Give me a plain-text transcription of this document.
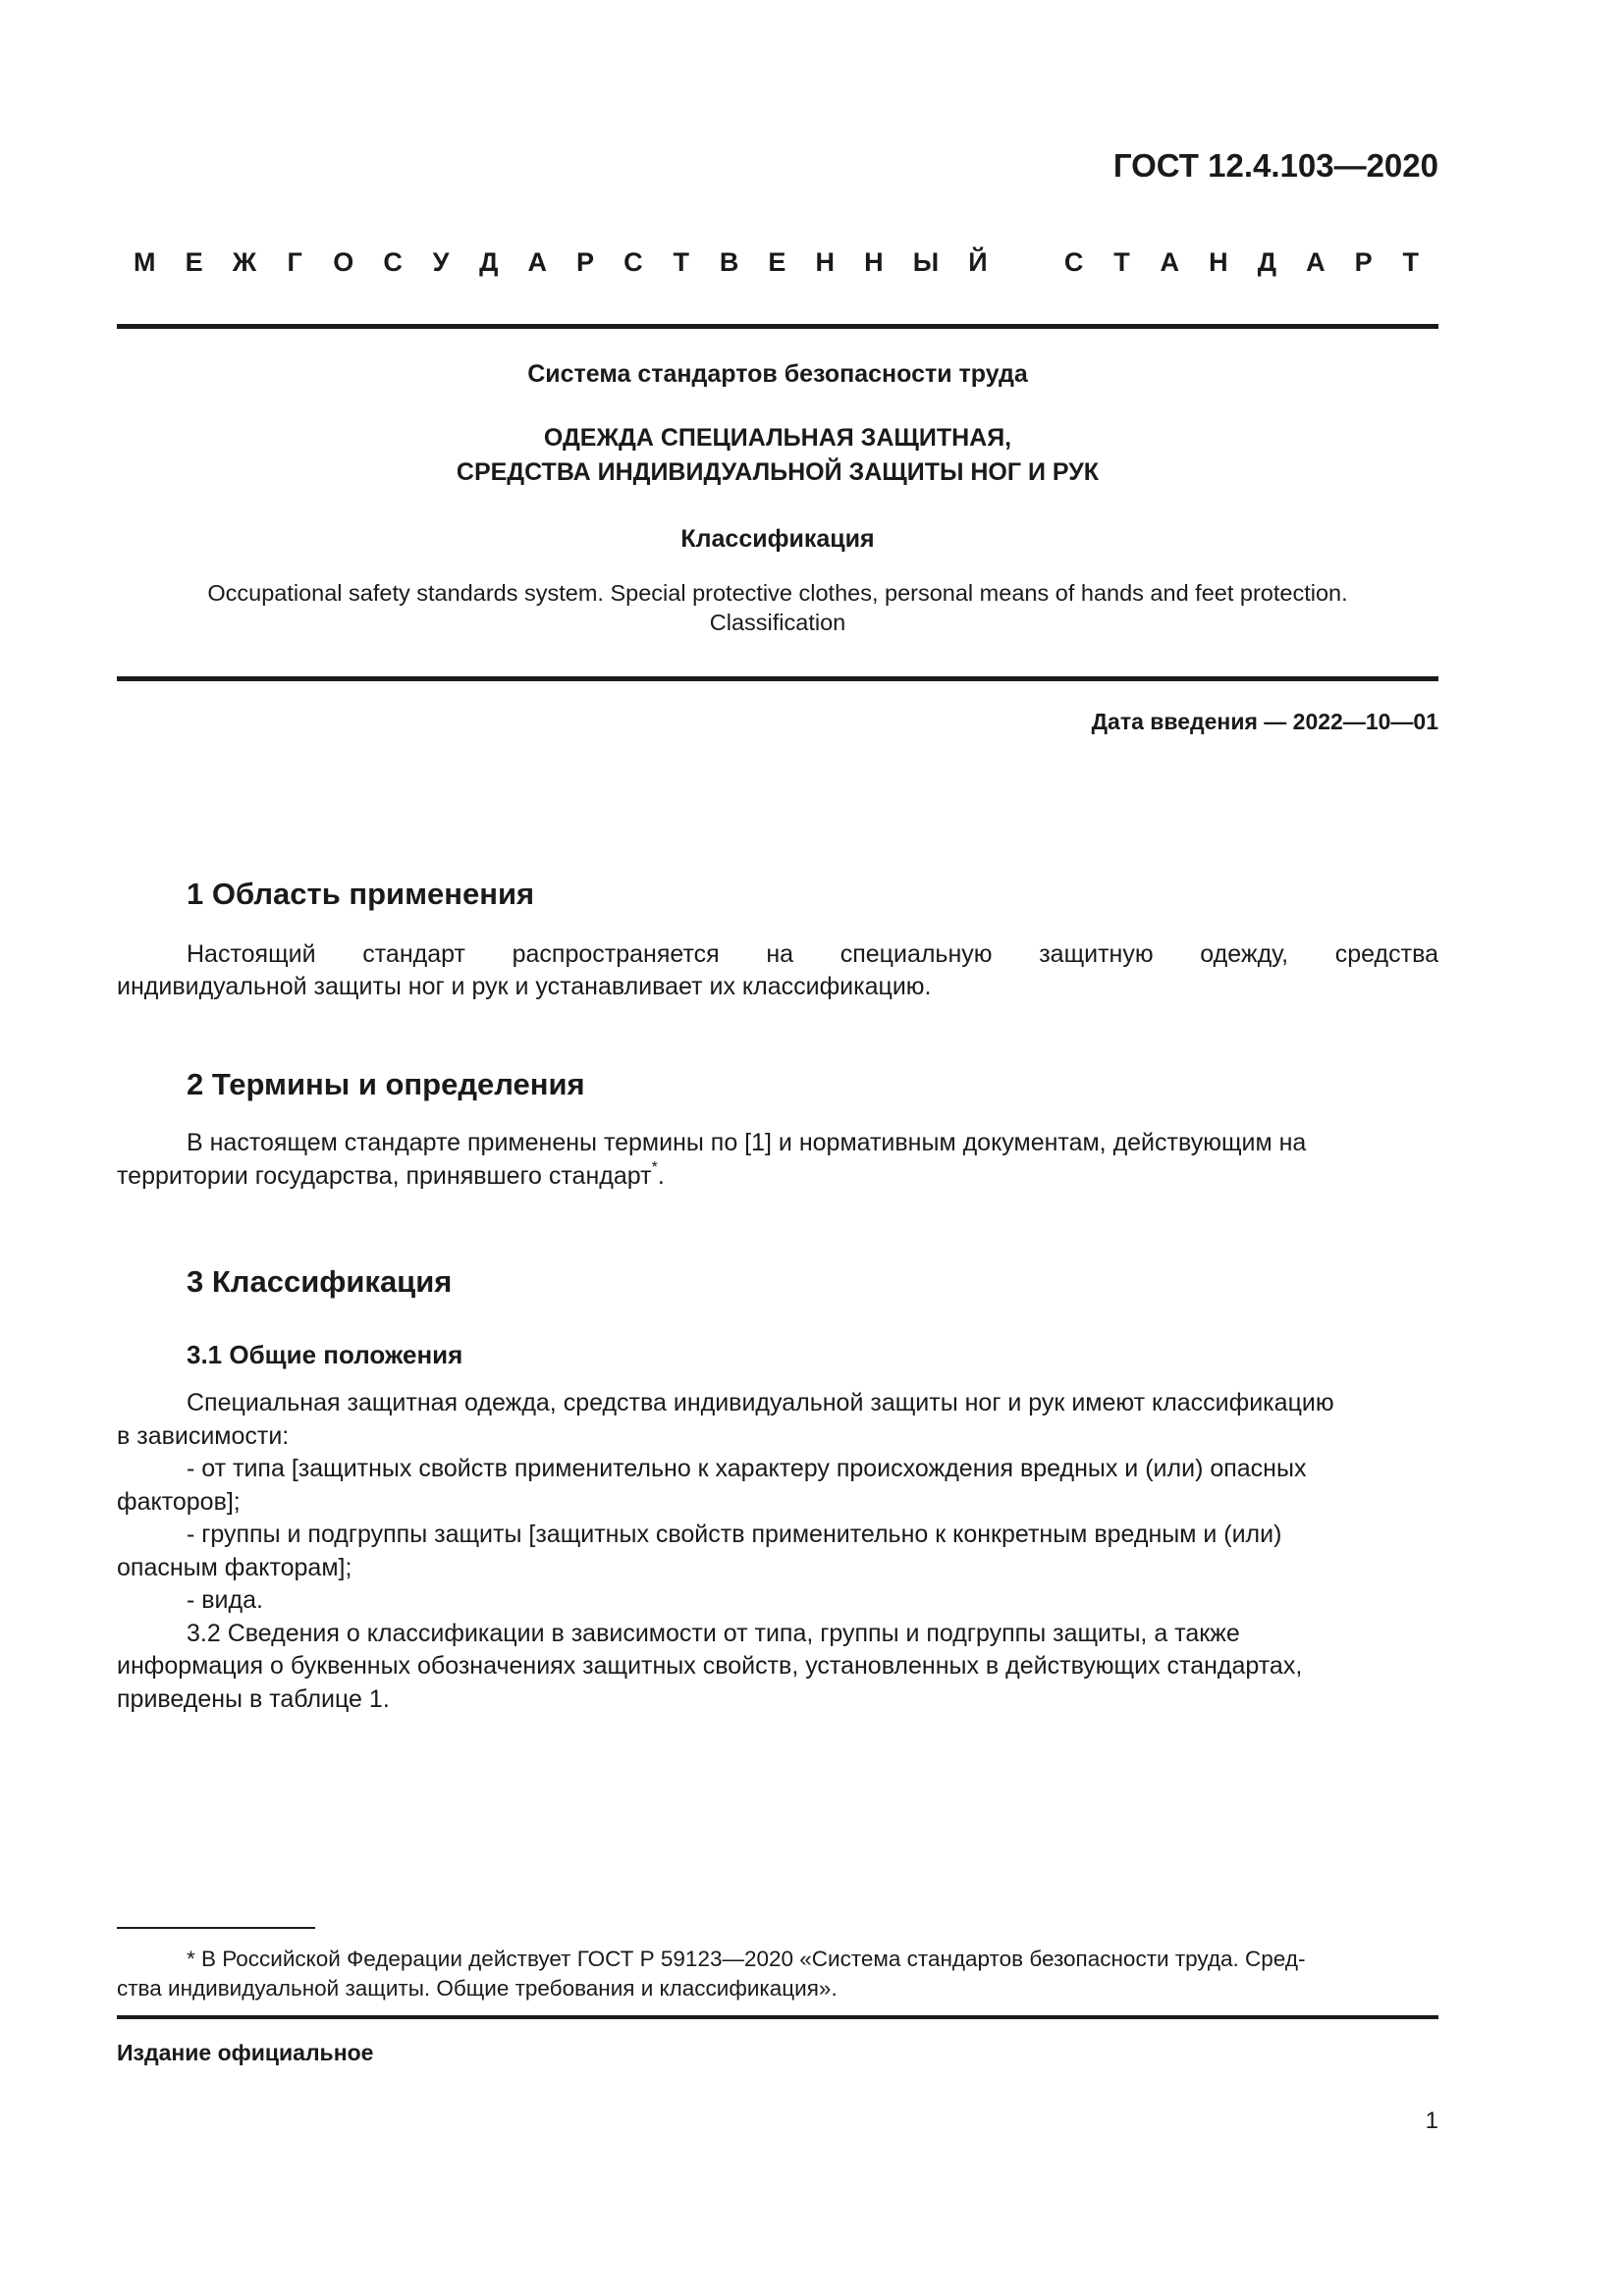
ГОСТ 12.4.103—2020
М Е Ж Г О С У Д А Р С Т В Е Н Н Ы Й	С Т А Н Д А Р Т
Система стандартов безопасности труда
ОДЕЖДА СПЕЦИАЛЬНАЯ ЗАЩИТНАЯ,
СРЕДСТВА ИНДИВИДУАЛЬНОЙ ЗАЩИТЫ НОГ И РУК
Классификация
Occupational safety standards system. Special protective clothes, personal means of hands and feet protection.
Classification
Дата введения — 2022—10—01
1 Область применения
Настоящий стандарт распространяется на специальную защитную одежду, средства
индивидуальной защиты ног и рук и устанавливает их классификацию.
2 Термины и определения
В настоящем стандарте применены термины по [1] и нормативным документам, действующим на
территории государства, принявшего стандарт*.
3 Классификация
3.1 Общие положения
Специальная защитная одежда, средства индивидуальной защиты ног и рук имеют классификацию
в зависимости:
- от типа [защитных свойств применительно к характеру происхождения вредных и (или) опасных
факторов];
- группы и подгруппы защиты [защитных свойств применительно к конкретным вредным и (или)
опасным факторам];
- вида.
3.2 Сведения о классификации в зависимости от типа, группы и подгруппы защиты, а также
информация о буквенных обозначениях защитных свойств, установленных в действующих стандартах,
приведены в таблице 1.
* В Российской Федерации действует ГОСТ Р 59123—2020 «Система стандартов безопасности труда. Сред-
ства индивидуальной защиты. Общие требования и классификация».
Издание официальное
1
